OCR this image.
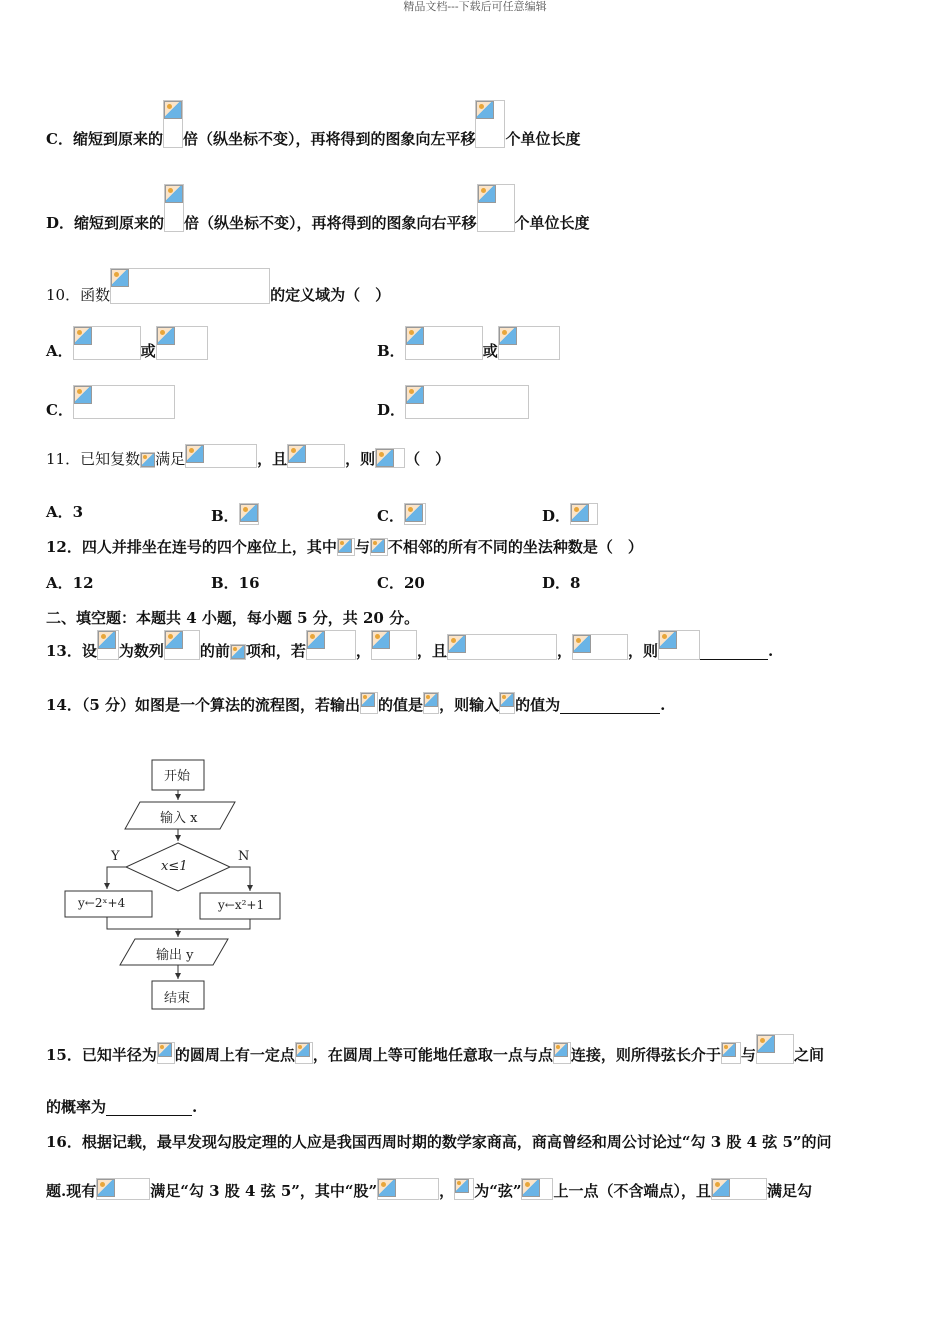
精品文档---下载后可任意编辑
C． 缩短到原来的 倍（纵坐标不变），再将得到的图象向左平移 个单位长度
D． 缩短到原来的 倍（纵坐标不变），再将得到的图象向右平移	个单位长度
10．函数	的定义域为（　）
A．	或	B．	或
C．	D．
11．已知复数 满足	，且	，则 （　）
A．3	B．	C．	D．
12．四人并排坐在连号的四个座位上，其中 与 不相邻的所有不同的坐法种数是（　）
A．12	B．16	C．20	D．8
二、填空题：本题共 4 小题，每小题 5 分，共 20 分。
13．设 为数列 的前 项和，若	，	，且	，	，则	.
14．（5 分）如图是一个算法的流程图，若输出 的值是 ，则输入 的值为	.
开始
输入 x
x≤1
Y	N
y←2ˣ+4	y←x²+1
输出 y
结束
15．已知半径为 的圆周上有一定点 ，在圆周上等可能地任意取一点与点 连接，则所得弦长介于 与	之间
的概率为	.
16．根据记载，最早发现勾股定理的人应是我国西周时期的数学家商高，商高曾经和周公讨论过“勾 3 股 4 弦 5”的问
题.现有	满足“勾 3 股 4 弦 5”，其中“股”	， 为“弦” 上一点（不含端点），且	满足勾
